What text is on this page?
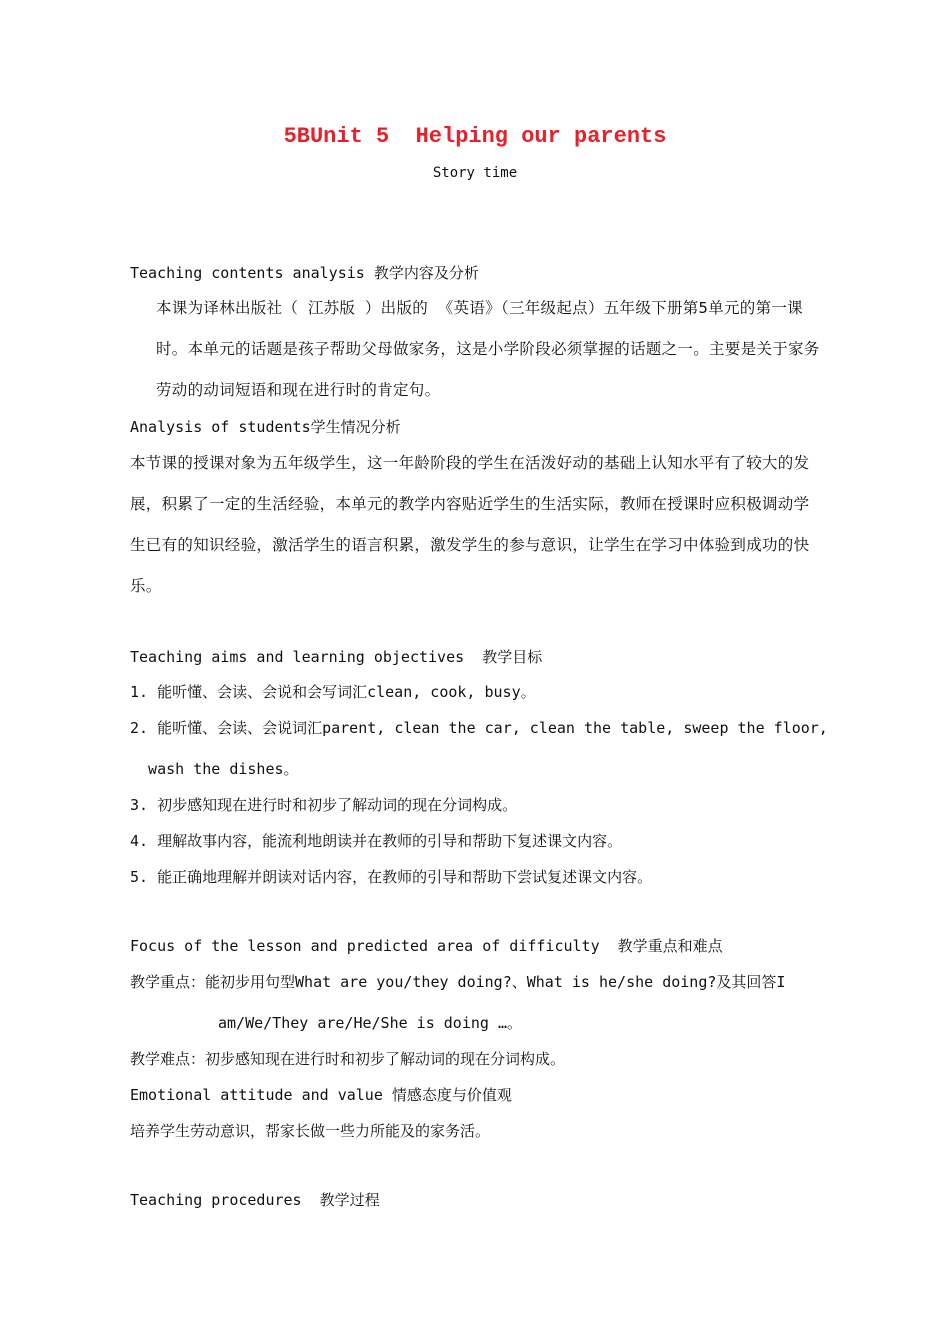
5BUnit 5  Helping our parents
Story time
Teaching contents analysis 教学内容及分析
本课为译林出版社（ 江苏版 ）出版的 《英语》（三年级起点）五年级下册第5单元的第一课时。本单元的话题是孩子帮助父母做家务，这是小学阶段必须掌握的话题之一。主要是关于家务劳动的动词短语和现在进行时的肯定句。
Analysis of students学生情况分析
本节课的授课对象为五年级学生，这一年龄阶段的学生在活泼好动的基础上认知水平有了较大的发展，积累了一定的生活经验，本单元的教学内容贴近学生的生活实际，教师在授课时应积极调动学生已有的知识经验，激活学生的语言积累，激发学生的参与意识，让学生在学习中体验到成功的快乐。
Teaching aims and learning objectives  教学目标
1. 能听懂、会读、会说和会写词汇clean, cook, busy。
2. 能听懂、会读、会说词汇parent, clean the car, clean the table, sweep the floor,
wash the dishes。
3. 初步感知现在进行时和初步了解动词的现在分词构成。
4. 理解故事内容，能流利地朗读并在教师的引导和帮助下复述课文内容。
5. 能正确地理解并朗读对话内容，在教师的引导和帮助下尝试复述课文内容。
Focus of the lesson and predicted area of difficulty  教学重点和难点
教学重点：能初步用句型What are you/they doing?、What is he/she doing?及其回答I
am/We/They are/He/She is doing …。
教学难点：初步感知现在进行时和初步了解动词的现在分词构成。
Emotional attitude and value 情感态度与价值观
培养学生劳动意识，帮家长做一些力所能及的家务活。
Teaching procedures  教学过程
